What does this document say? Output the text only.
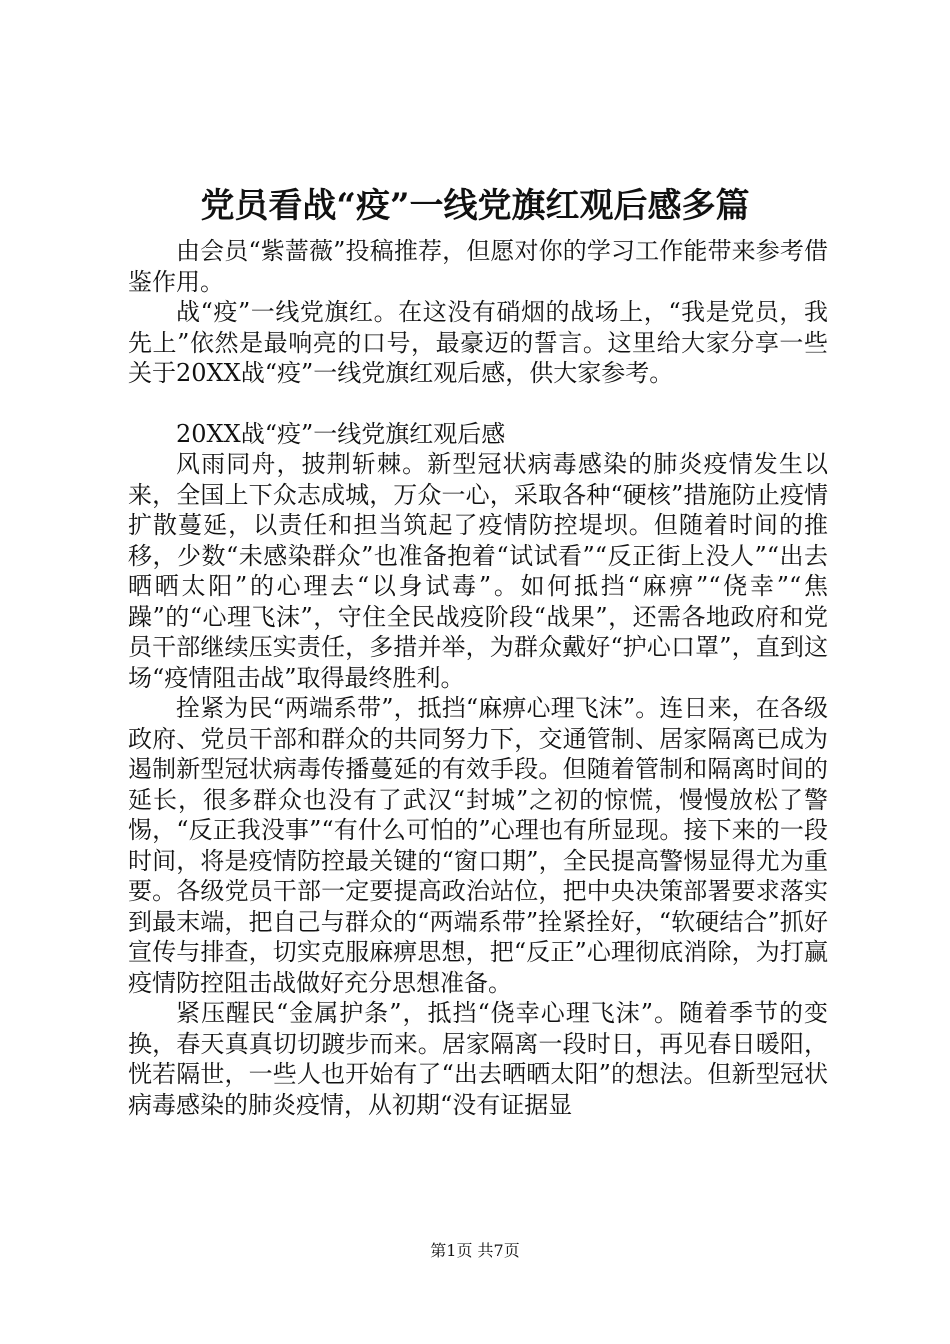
党员看战“疫”一线党旗红观后感多篇

由会员“紫蔷薇”投稿推荐，但愿对你的学习工作能带来参考借鉴作用。

战“疫”一线党旗红。在这没有硝烟的战场上，“我是党员，我先上”依然是最响亮的口号，最豪迈的誓言。这里给大家分享一些关于20XX战“疫”一线党旗红观后感，供大家参考。

20XX战“疫”一线党旗红观后感

风雨同舟，披荆斩棘。新型冠状病毒感染的肺炎疫情发生以来，全国上下众志成城，万众一心，采取各种“硬核”措施防止疫情扩散蔓延，以责任和担当筑起了疫情防控堤坝。但随着时间的推移，少数“未感染群众”也准备抱着“试试看”“反正街上没人”“出去晒晒太阳”的心理去“以身试毒”。如何抵挡“麻痹”“侥幸”“焦躁”的“心理飞沫”，守住全民战疫阶段“战果”，还需各地政府和党员干部继续压实责任，多措并举，为群众戴好“护心口罩”，直到这场“疫情阻击战”取得最终胜利。

拴紧为民“两端系带”，抵挡“麻痹心理飞沫”。连日来，在各级政府、党员干部和群众的共同努力下，交通管制、居家隔离已成为遏制新型冠状病毒传播蔓延的有效手段。但随着管制和隔离时间的延长，很多群众也没有了武汉“封城”之初的惊慌，慢慢放松了警惕，“反正我没事”“有什么可怕的”心理也有所显现。接下来的一段时间，将是疫情防控最关键的“窗口期”，全民提高警惕显得尤为重要。各级党员干部一定要提高政治站位，把中央决策部署要求落实到最末端，把自己与群众的“两端系带”拴紧拴好，“软硬结合”抓好宣传与排查，切实克服麻痹思想，把“反正”心理彻底消除，为打赢疫情防控阻击战做好充分思想准备。

紧压醒民“金属护条”，抵挡“侥幸心理飞沫”。随着季节的变换，春天真真切切踱步而来。居家隔离一段时日，再见春日暖阳，恍若隔世，一些人也开始有了“出去晒晒太阳”的想法。但新型冠状病毒感染的肺炎疫情，从初期“没有证据显

第1页 共7页
